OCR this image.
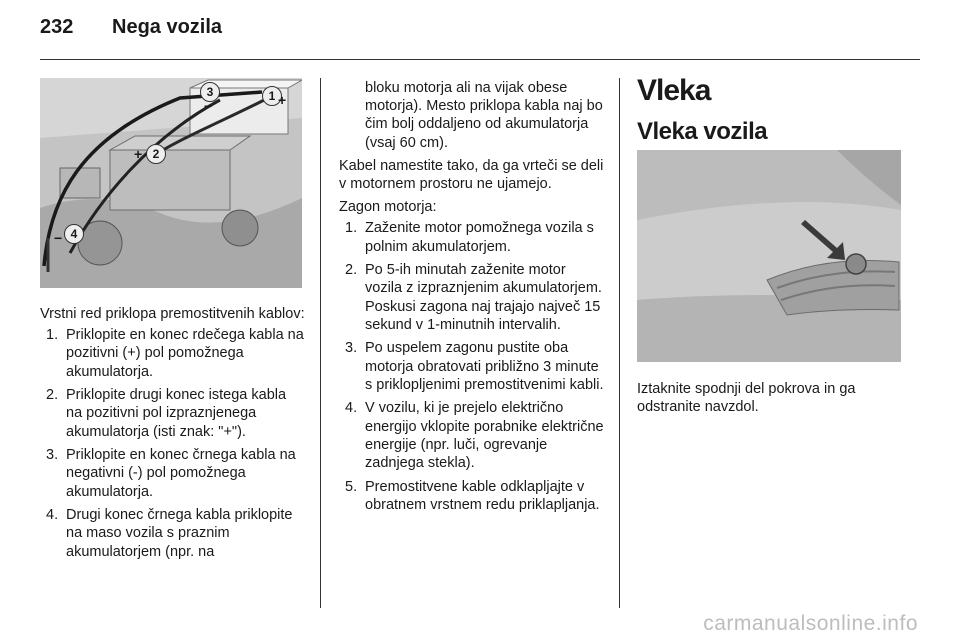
232 Nega vozila
1
2
3
4
+
+
−
−

Vrstni red priklopa premostitvenih kablov:

1. Priklopite en konec rdečega kabla na pozitivni (+) pol pomožnega akumulatorja.
2. Priklopite drugi konec istega kabla na pozitivni pol izpraznjenega akumulatorja (isti znak: "+").
3. Priklopite en konec črnega kabla na negativni (-) pol pomožnega akumulatorja.
4. Drugi konec črnega kabla priklopite na maso vozila s praznim akumulatorjem (npr. na

bloku motorja ali na vijak obese motorja). Mesto priklopa kabla naj bo čim bolj oddaljeno od akumulatorja (vsaj 60 cm).

Kabel namestite tako, da ga vrteči se deli v motornem prostoru ne ujamejo.

Zagon motorja:

1. Zaženite motor pomožnega vozila s polnim akumulatorjem.
2. Po 5-ih minutah zaženite motor vozila z izpraznjenim akumulatorjem. Poskusi zagona naj trajajo največ 15 sekund v 1-minutnih intervalih.
3. Po uspelem zagonu pustite oba motorja obratovati približno 3 minute s priklopljenimi premostitvenimi kabli.
4. V vozilu, ki je prejelo električno energijo vklopite porabnike električne energije (npr. luči, ogrevanje zadnjega stekla).
5. Premostitvene kable odklapljajte v obratnem vrstnem redu priklapljanja.
Vleka
Vleka vozila

Iztaknite spodnji del pokrova in ga odstranite navzdol.

carmanualsonline.info
